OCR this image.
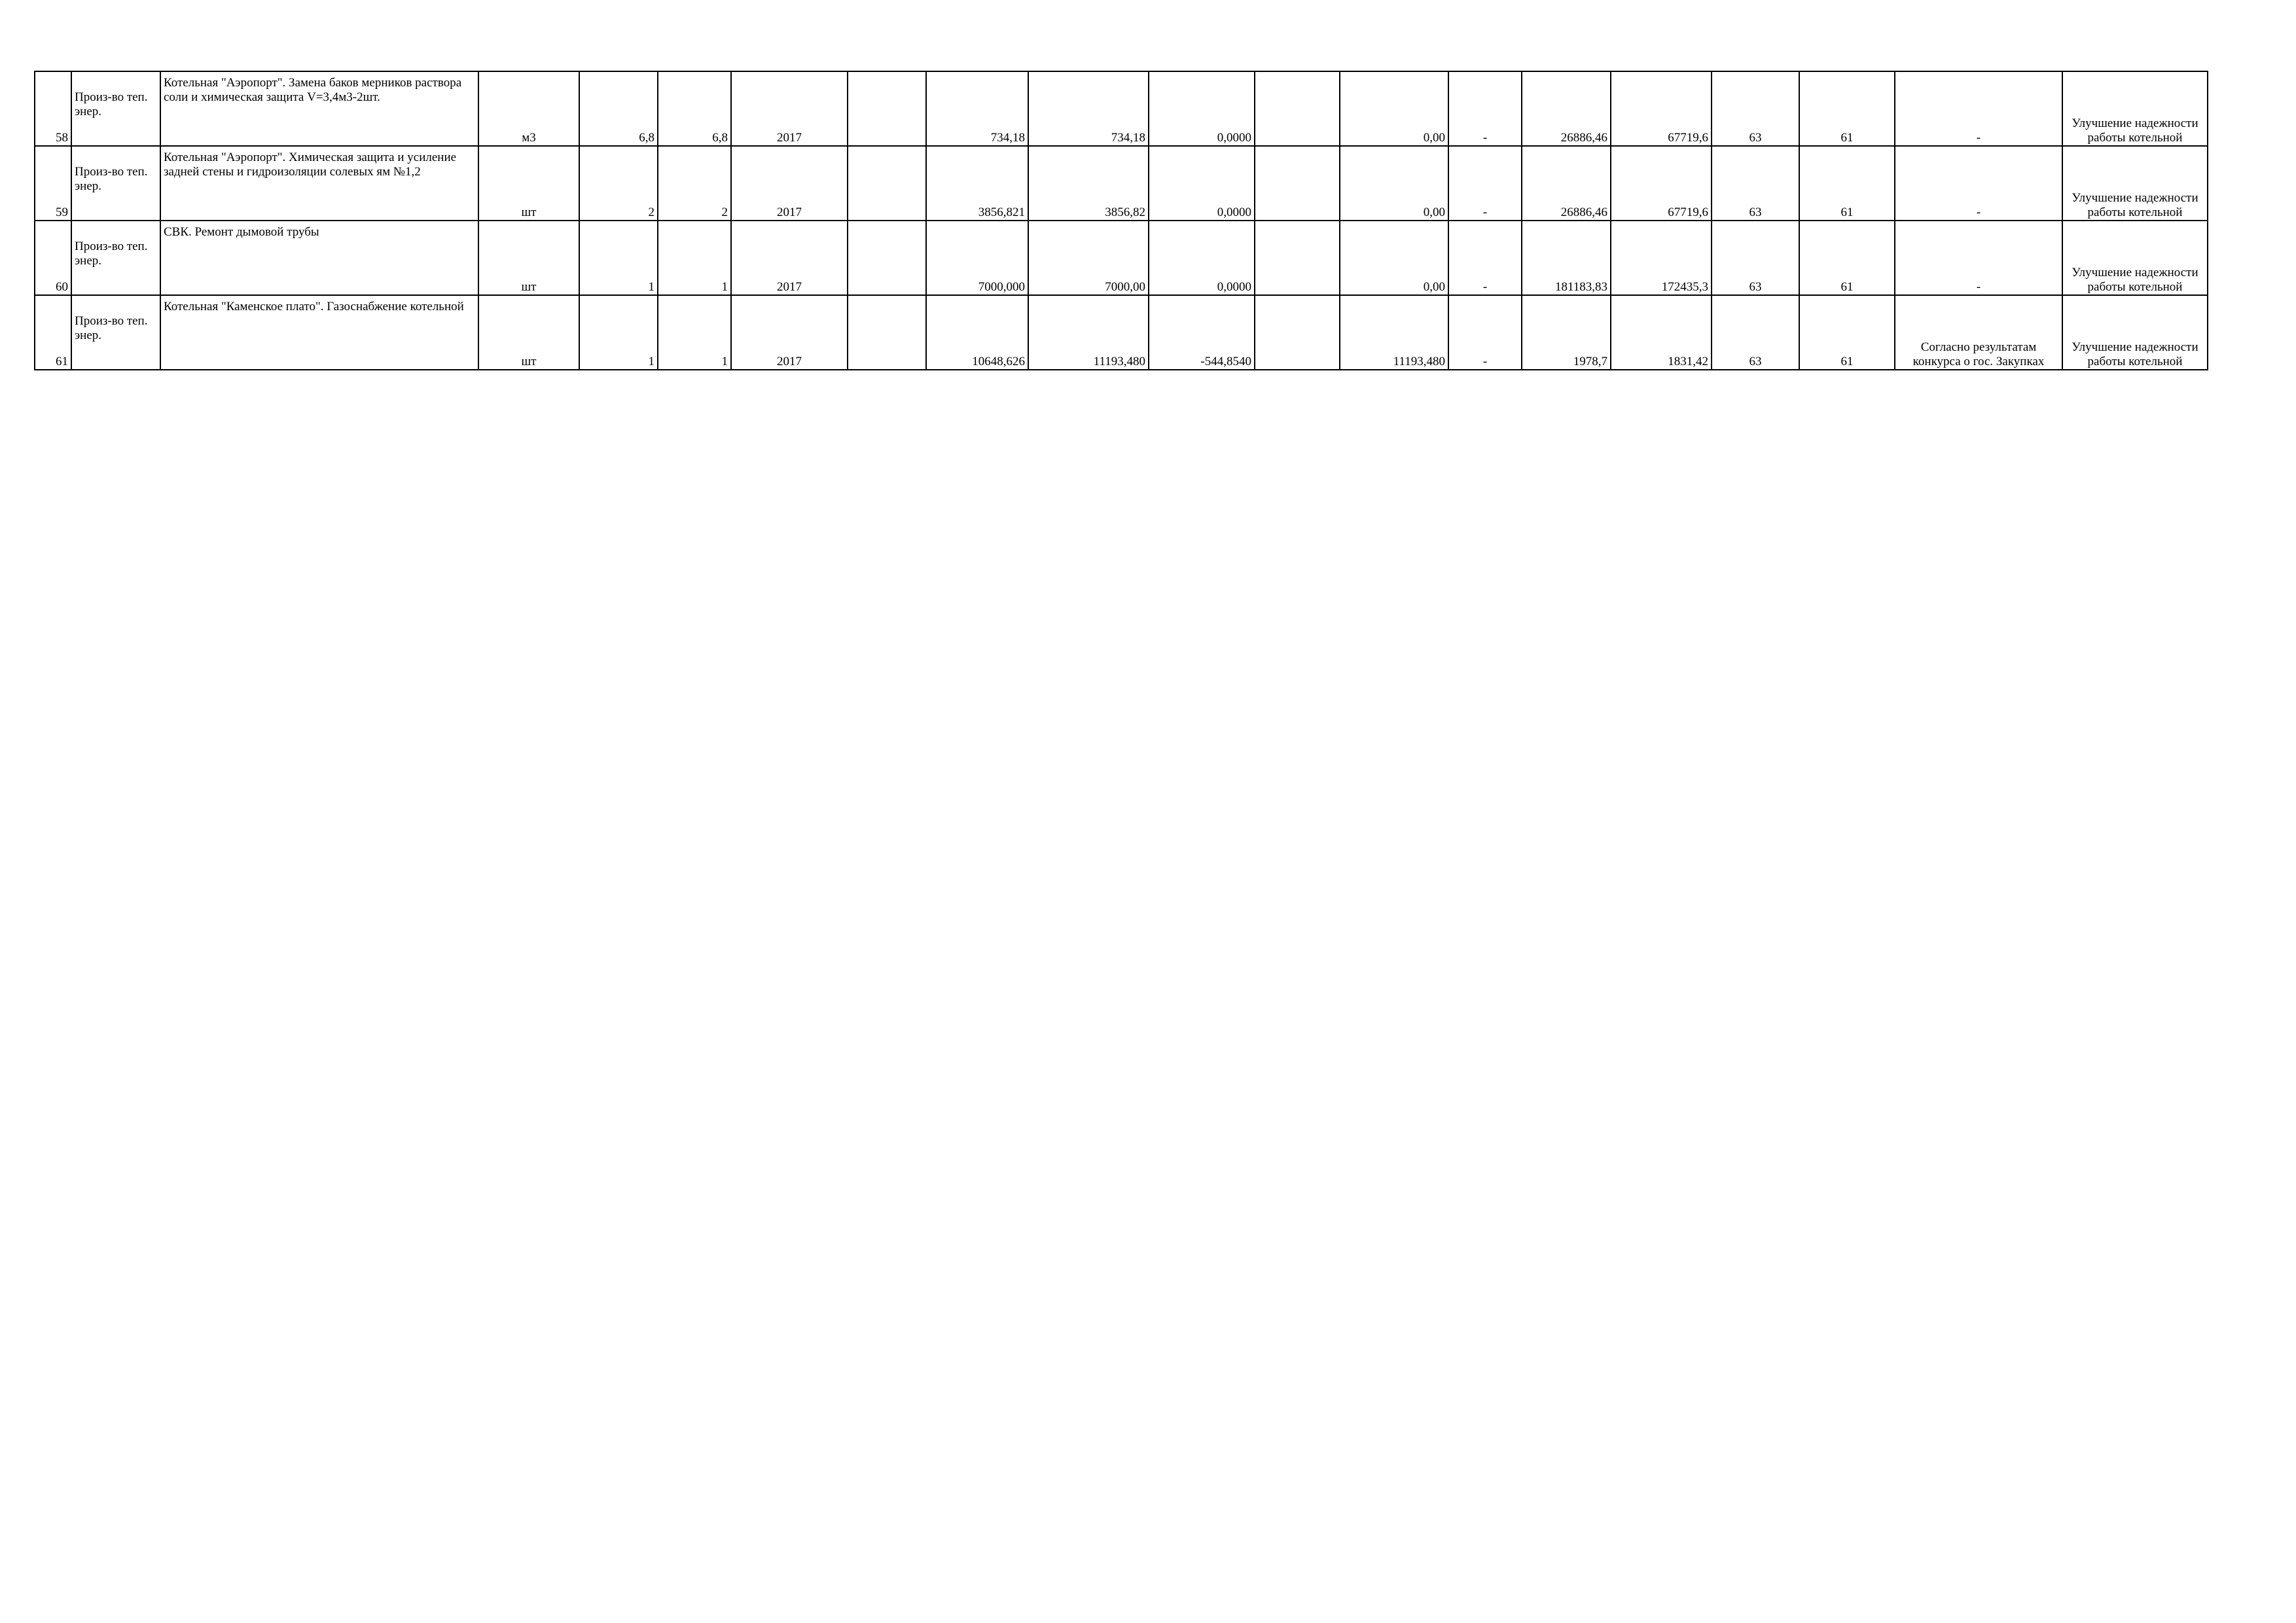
58	Произ-во теп. энер.	Котельная "Аэропорт". Замена баков мерников раствора соли и химическая защита V=3,4м3-2шт.	м3	6,8	6,8	2017		734,18	734,18	0,0000		0,00	-	26886,46	67719,6	63	61	-	Улучшение надежности работы котельной
59	Произ-во теп. энер.	Котельная "Аэропорт". Химическая защита и усиление задней стены и гидроизоляции солевых ям №1,2	шт	2	2	2017		3856,821	3856,82	0,0000		0,00	-	26886,46	67719,6	63	61	-	Улучшение надежности работы котельной
60	Произ-во теп. энер.	СВК. Ремонт дымовой трубы	шт	1	1	2017		7000,000	7000,00	0,0000		0,00	-	181183,83	172435,3	63	61	-	Улучшение надежности работы котельной
61	Произ-во теп. энер.	Котельная "Каменское плато". Газоснабжение котельной	шт	1	1	2017		10648,626	11193,480	-544,8540		11193,480	-	1978,7	1831,42	63	61	Согласно результатам конкурса о гос. Закупках	Улучшение надежности работы котельной
